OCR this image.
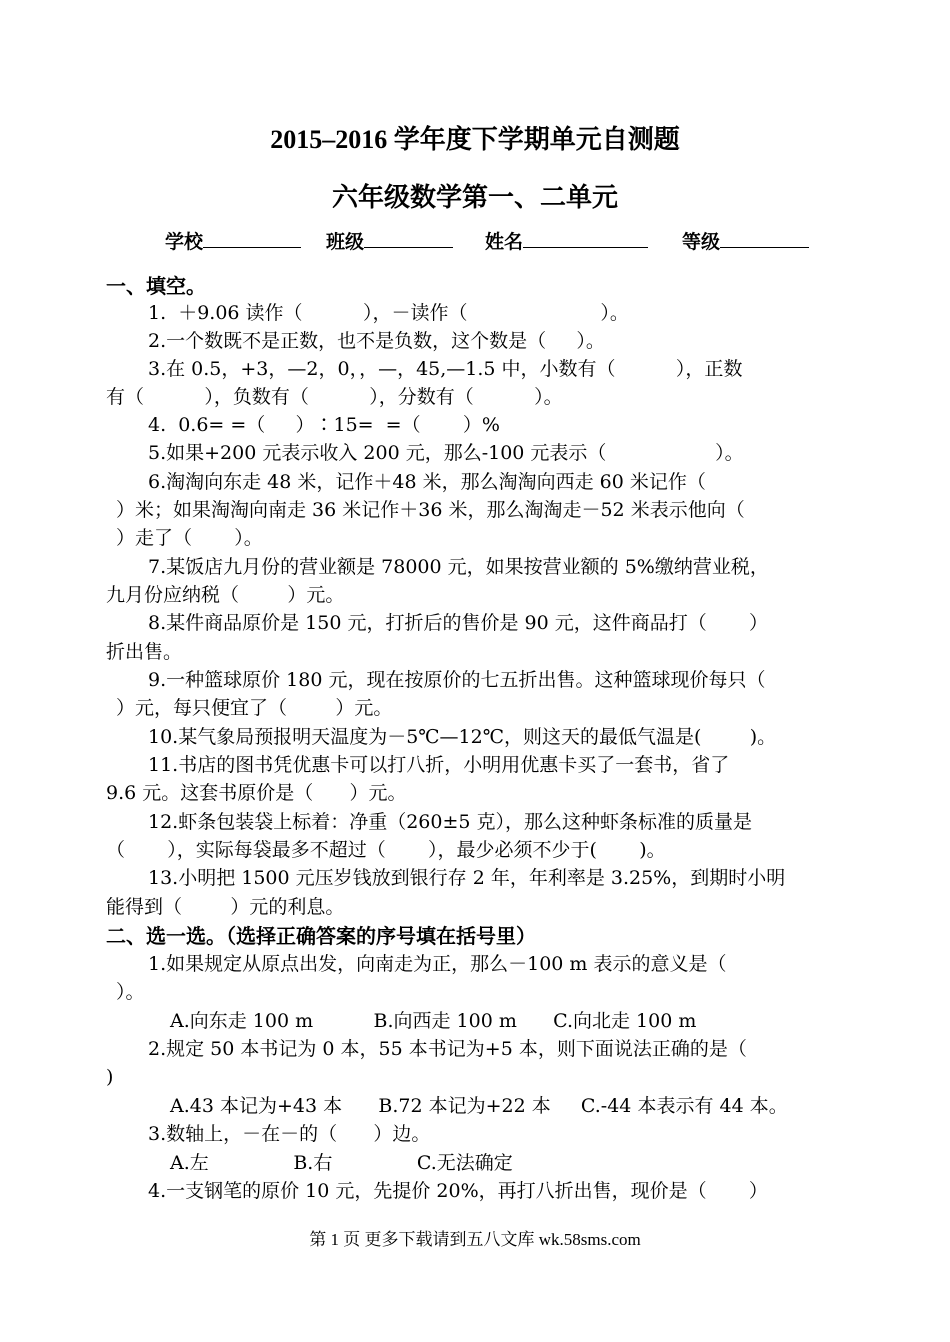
2015–2016 学年度下学期单元自测题
六年级数学第一、二单元
学校	班级	姓名	等级
一、填空。
1.  ＋9.06 读作（          ），－读作（                      ）。
2.一个数既不是正数，也不是负数，这个数是（     ）。
3.在 0.5，+3，—2，0，，—，45,—1.5 中，小数有（          ），正数
有（          ），负数有（          ），分数有（          ）。
4.  0.6= =（     ）∶15=  =（       ）%
5.如果+200 元表示收入 200 元，那么-100 元表示（                  ）。
6.淘淘向东走 48 米，记作＋48 米，那么淘淘向西走 60 米记作（
）米；如果淘淘向南走 36 米记作＋36 米，那么淘淘走－52 米表示他向（
）走了（       ）。
7.某饭店九月份的营业额是 78000 元，如果按营业额的 5%缴纳营业税，
九月份应纳税（        ）元。
8.某件商品原价是 150 元，打折后的售价是 90 元，这件商品打（       ）
折出售。
9.一种篮球原价 180 元，现在按原价的七五折出售。这种篮球现价每只（
）元，每只便宜了（        ）元。
10.某气象局预报明天温度为－5℃—12℃，则这天的最低气温是(        )。
11.书店的图书凭优惠卡可以打八折，小明用优惠卡买了一套书，省了
9.6 元。这套书原价是（      ）元。
12.虾条包装袋上标着：净重（260±5 克），那么这种虾条标准的质量是
（       ），实际每袋最多不超过（       ），最少必须不少于(       )。
13.小明把 1500 元压岁钱放到银行存 2 年，年利率是 3.25%，到期时小明
能得到（        ）元的利息。
二、选一选。（选择正确答案的序号填在括号里）
1.如果规定从原点出发，向南走为正，那么－100 m 表示的意义是（
）。
A.向东走 100 m          B.向西走 100 m      C.向北走 100 m
2.规定 50 本书记为 0 本，55 本书记为+5 本，则下面说法正确的是（
)
A.43 本记为+43 本      B.72 本记为+22 本     C.-44 本表示有 44 本。
3.数轴上，－在－的（      ）边。
A.左              B.右              C.无法确定
4.一支钢笔的原价 10 元，先提价 20%，再打八折出售，现价是（       ）
第 1 页 更多下载请到五八文库 wk.58sms.com
